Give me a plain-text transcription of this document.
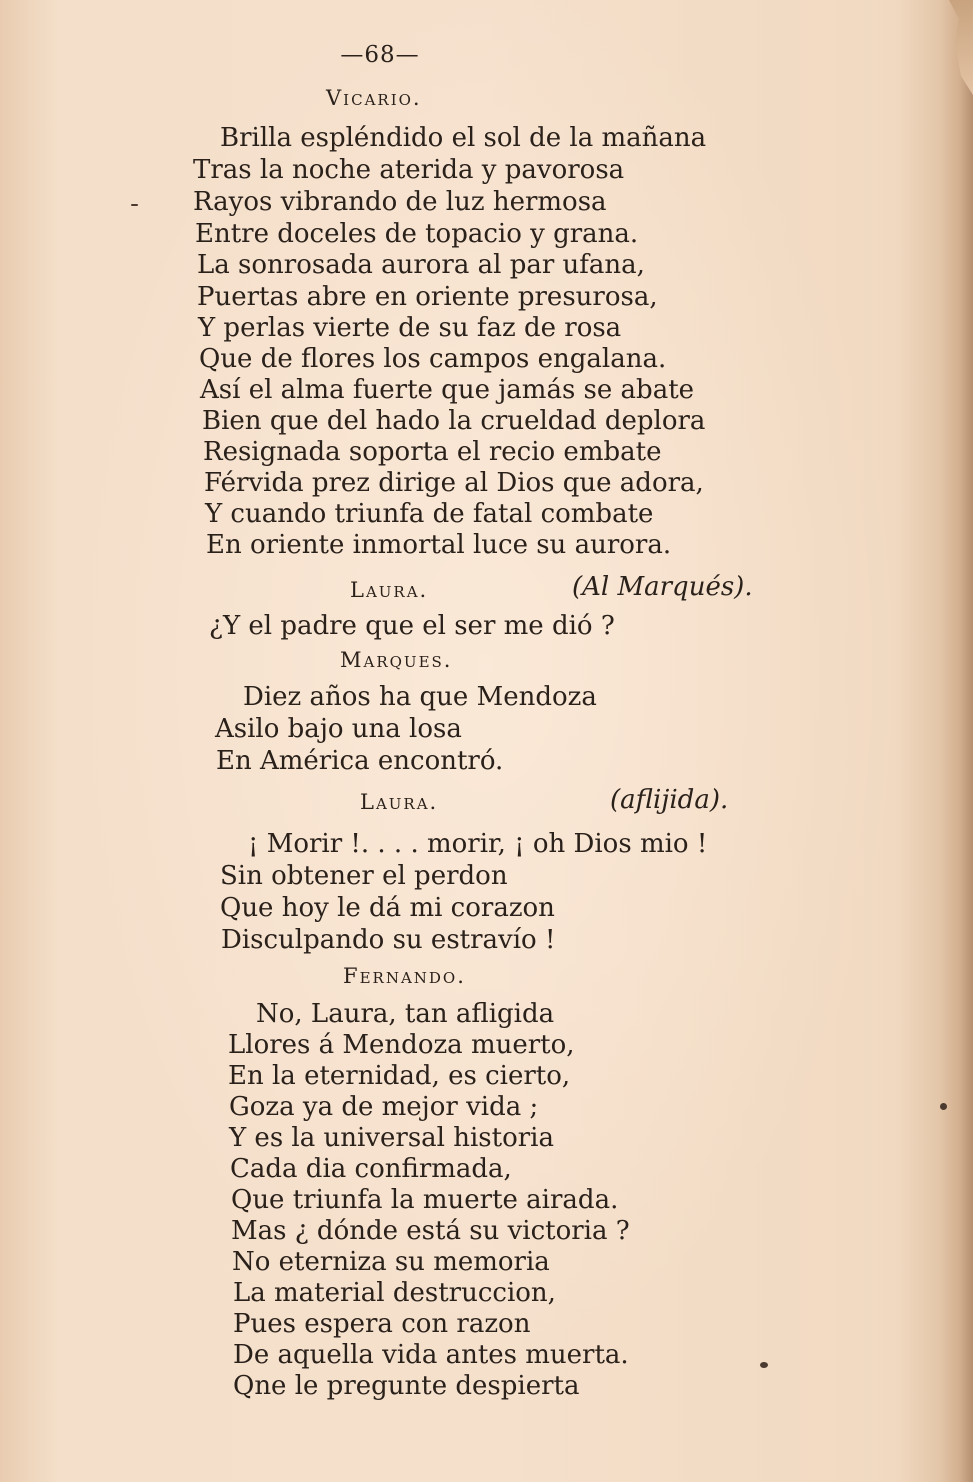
—68—
Vicario.
Brilla espléndido el sol de la mañana
Tras la noche aterida y pavorosa
Rayos vibrando de luz hermosa
Entre doceles de topacio y grana.
La sonrosada aurora al par ufana,
Puertas abre en oriente presurosa,
Y perlas vierte de su faz de rosa
Que de flores los campos engalana.
Así el alma fuerte que jamás se abate
Bien que del hado la crueldad deplora
Resignada soporta el recio embate
Férvida prez dirige al Dios que adora,
Y cuando triunfa de fatal combate
En oriente inmortal luce su aurora.
Laura.	(Al Marqués).
¿Y el padre que el ser me dió ?
Marques.
Diez años ha que Mendoza
Asilo bajo una losa
En América encontró.
Laura.	(aflijida).
¡ Morir !. . . . morir, ¡ oh Dios mio !
Sin obtener el perdon
Que hoy le dá mi corazon
Disculpando su estravío !
Fernando.
No, Laura, tan afligida
Llores á Mendoza muerto,
En la eternidad, es cierto,
Goza ya de mejor vida ;
Y es la universal historia
Cada dia confirmada,
Que triunfa la muerte airada.
Mas ¿ dónde está su victoria ?
No eterniza su memoria
La material destruccion,
Pues espera con razon
De aquella vida antes muerta.
Qne le pregunte despierta
